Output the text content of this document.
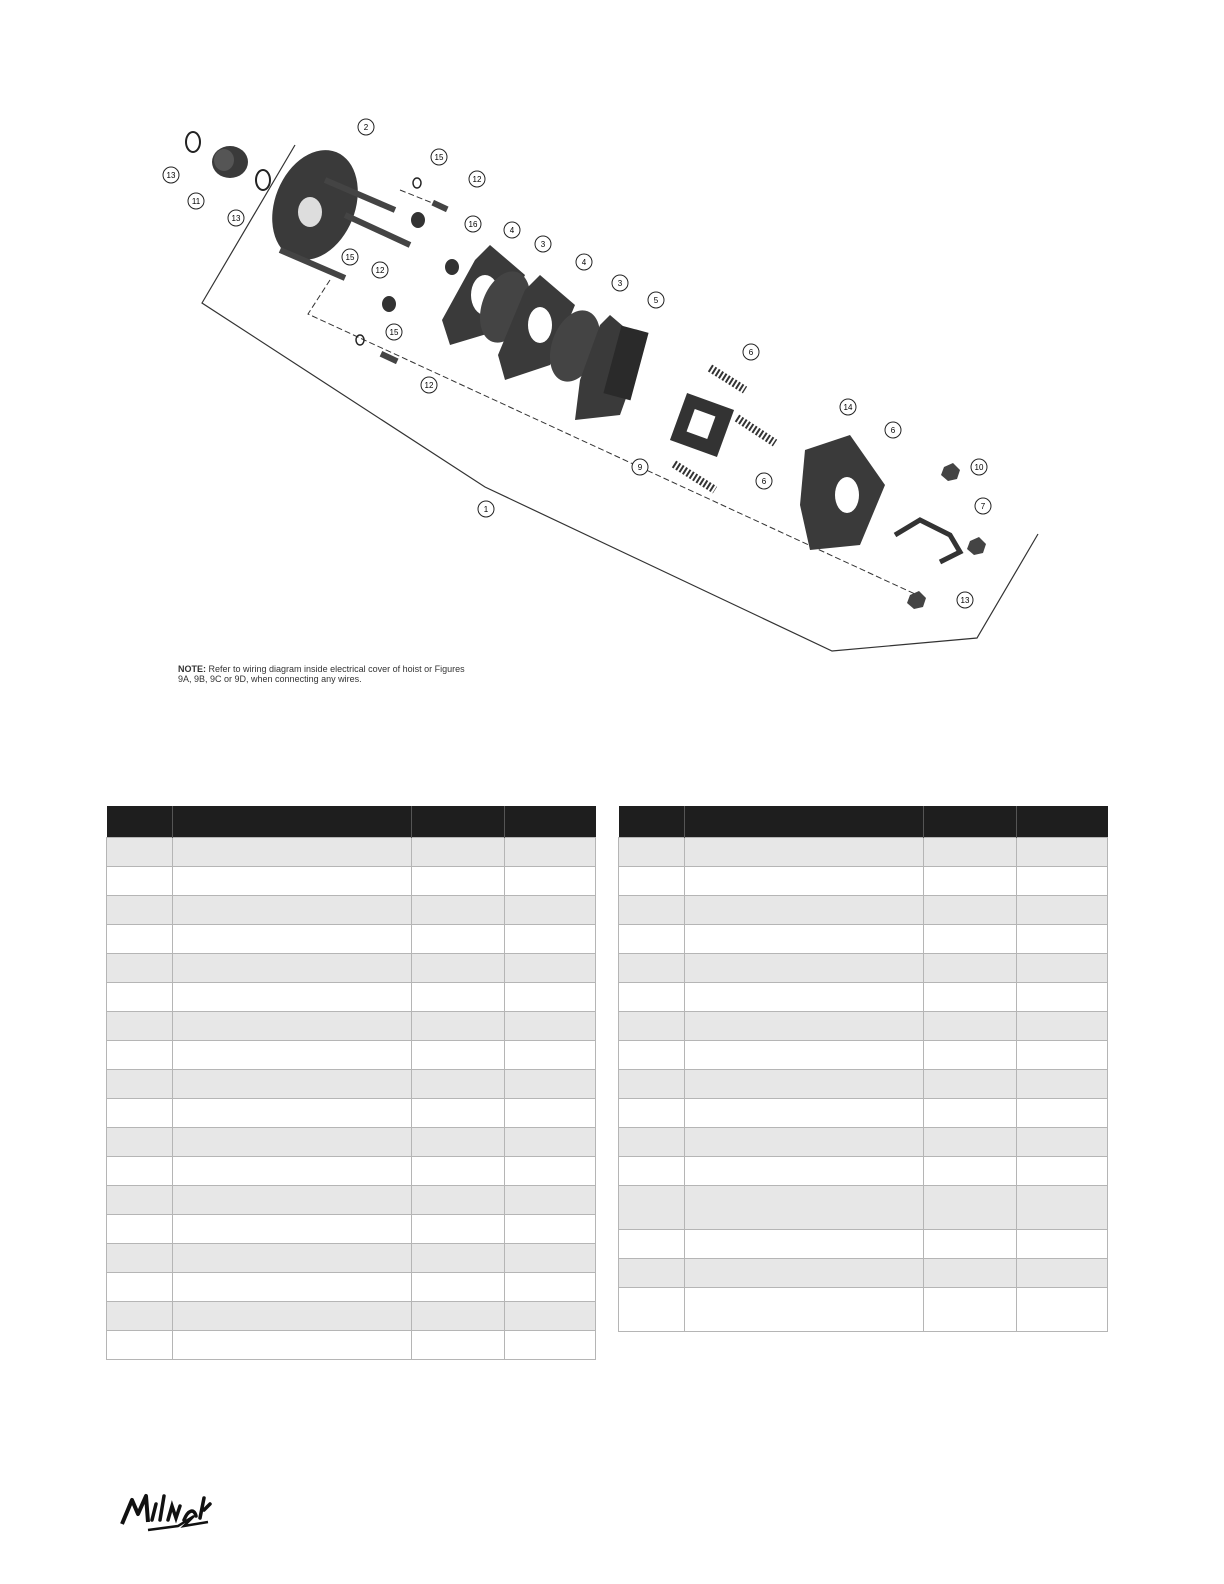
2
13
11
13
15
12
16
15
12
4
3
4
3
5
15
12
1
6
9
6
14
6
10
7
13
NOTE: Refer to wiring diagram inside electrical cover of hoist or Figures 9A, 9B, 9C or 9D, when connecting any wires.
